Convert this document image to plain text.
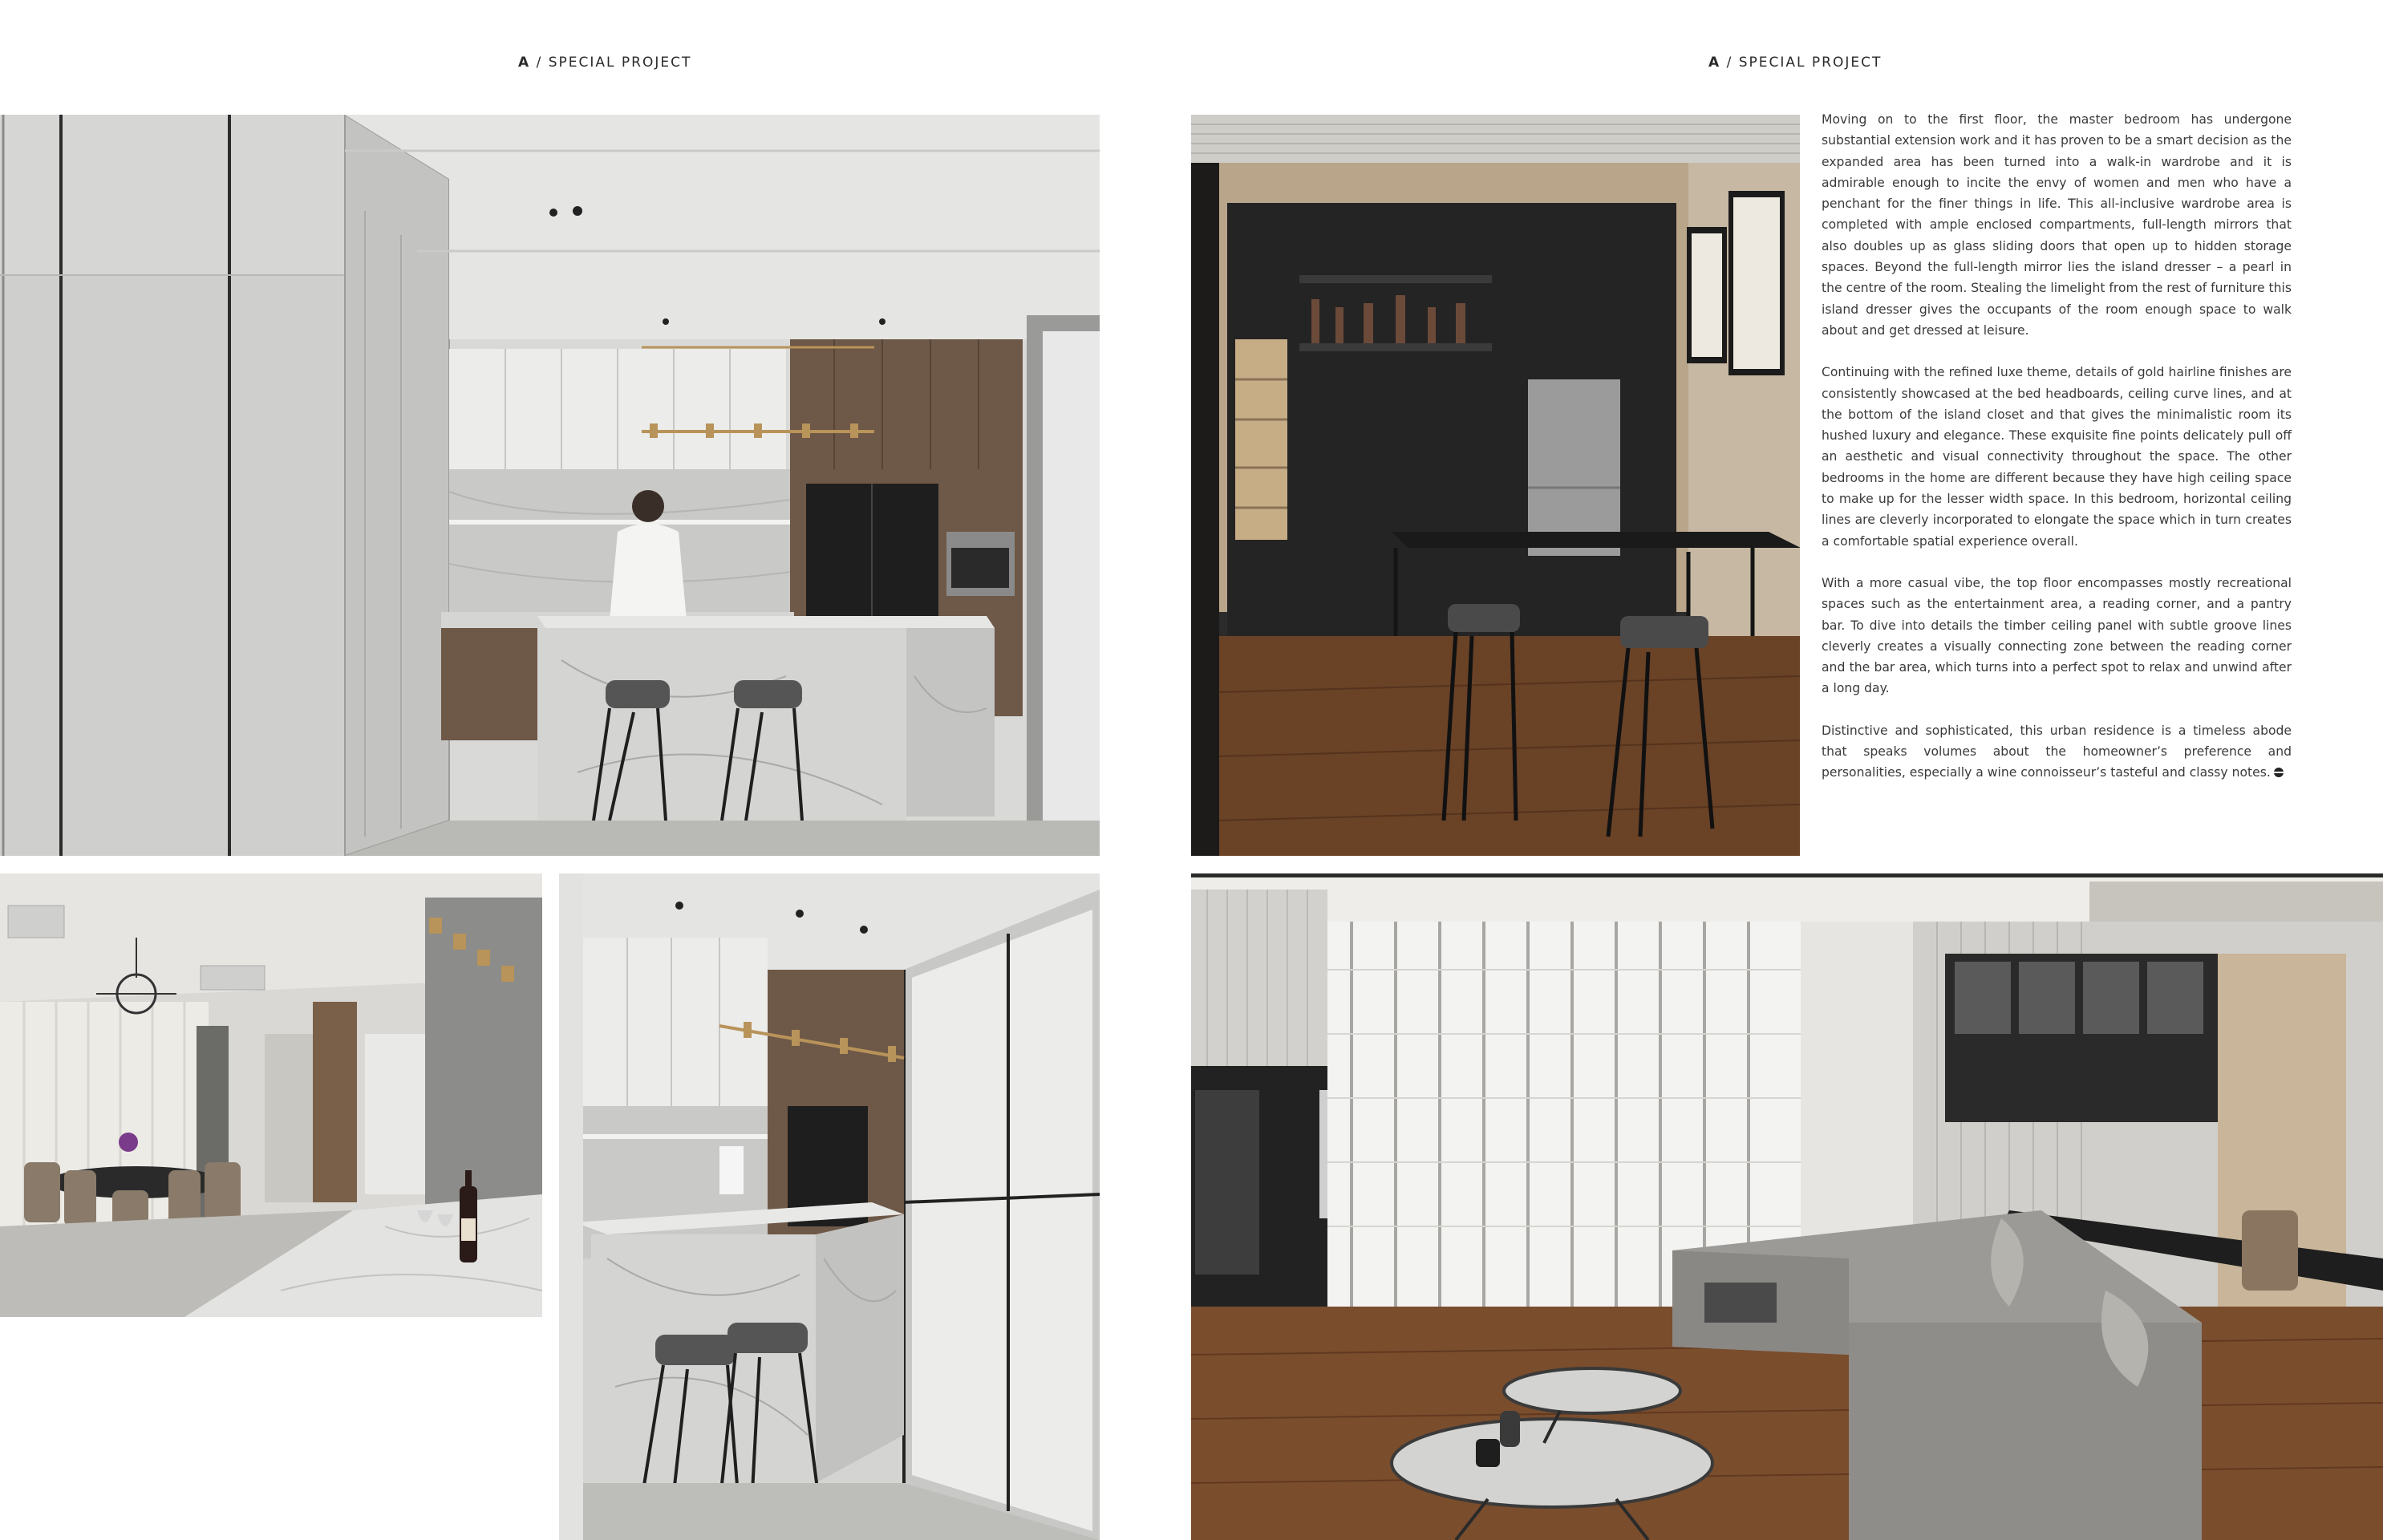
A / SPECIAL PROJECT	A / SPECIAL PROJECT

Moving on to the first floor, the master bedroom has undergone substantial extension work and it has proven to be a smart decision as the expanded area has been turned into a walk-in wardrobe and it is admirable enough to incite the envy of women and men who have a penchant for the finer things in life. This all-inclusive wardrobe area is completed with ample enclosed compartments, full-length mirrors that also doubles up as glass sliding doors that open up to hidden storage spaces. Beyond the full-length mirror lies the island dresser – a pearl in the centre of the room. Stealing the limelight from the rest of furniture this island dresser gives the occupants of the room enough space to walk about and get dressed at leisure.

Continuing with the refined luxe theme, details of gold hairline finishes are consistently showcased at the bed headboards, ceiling curve lines, and at the bottom of the island closet and that gives the minimalistic room its hushed luxury and elegance. These exquisite fine points delicately pull off an aesthetic and visual connectivity throughout the space. The other bedrooms in the home are different because they have high ceiling space to make up for the lesser width space. In this bedroom, horizontal ceiling lines are cleverly incorporated to elongate the space which in turn creates a comfortable spatial experience overall.

With a more casual vibe, the top floor encompasses mostly recreational spaces such as the entertainment area, a reading corner, and a pantry bar. To dive into details the timber ceiling panel with subtle groove lines cleverly creates a visually connecting zone between the reading corner and the bar area, which turns into a perfect spot to relax and unwind after a long day.

Distinctive and sophisticated, this urban residence is a timeless abode that speaks volumes about the homeowner’s preference and personalities, especially a wine connoisseur’s tasteful and classy notes.
